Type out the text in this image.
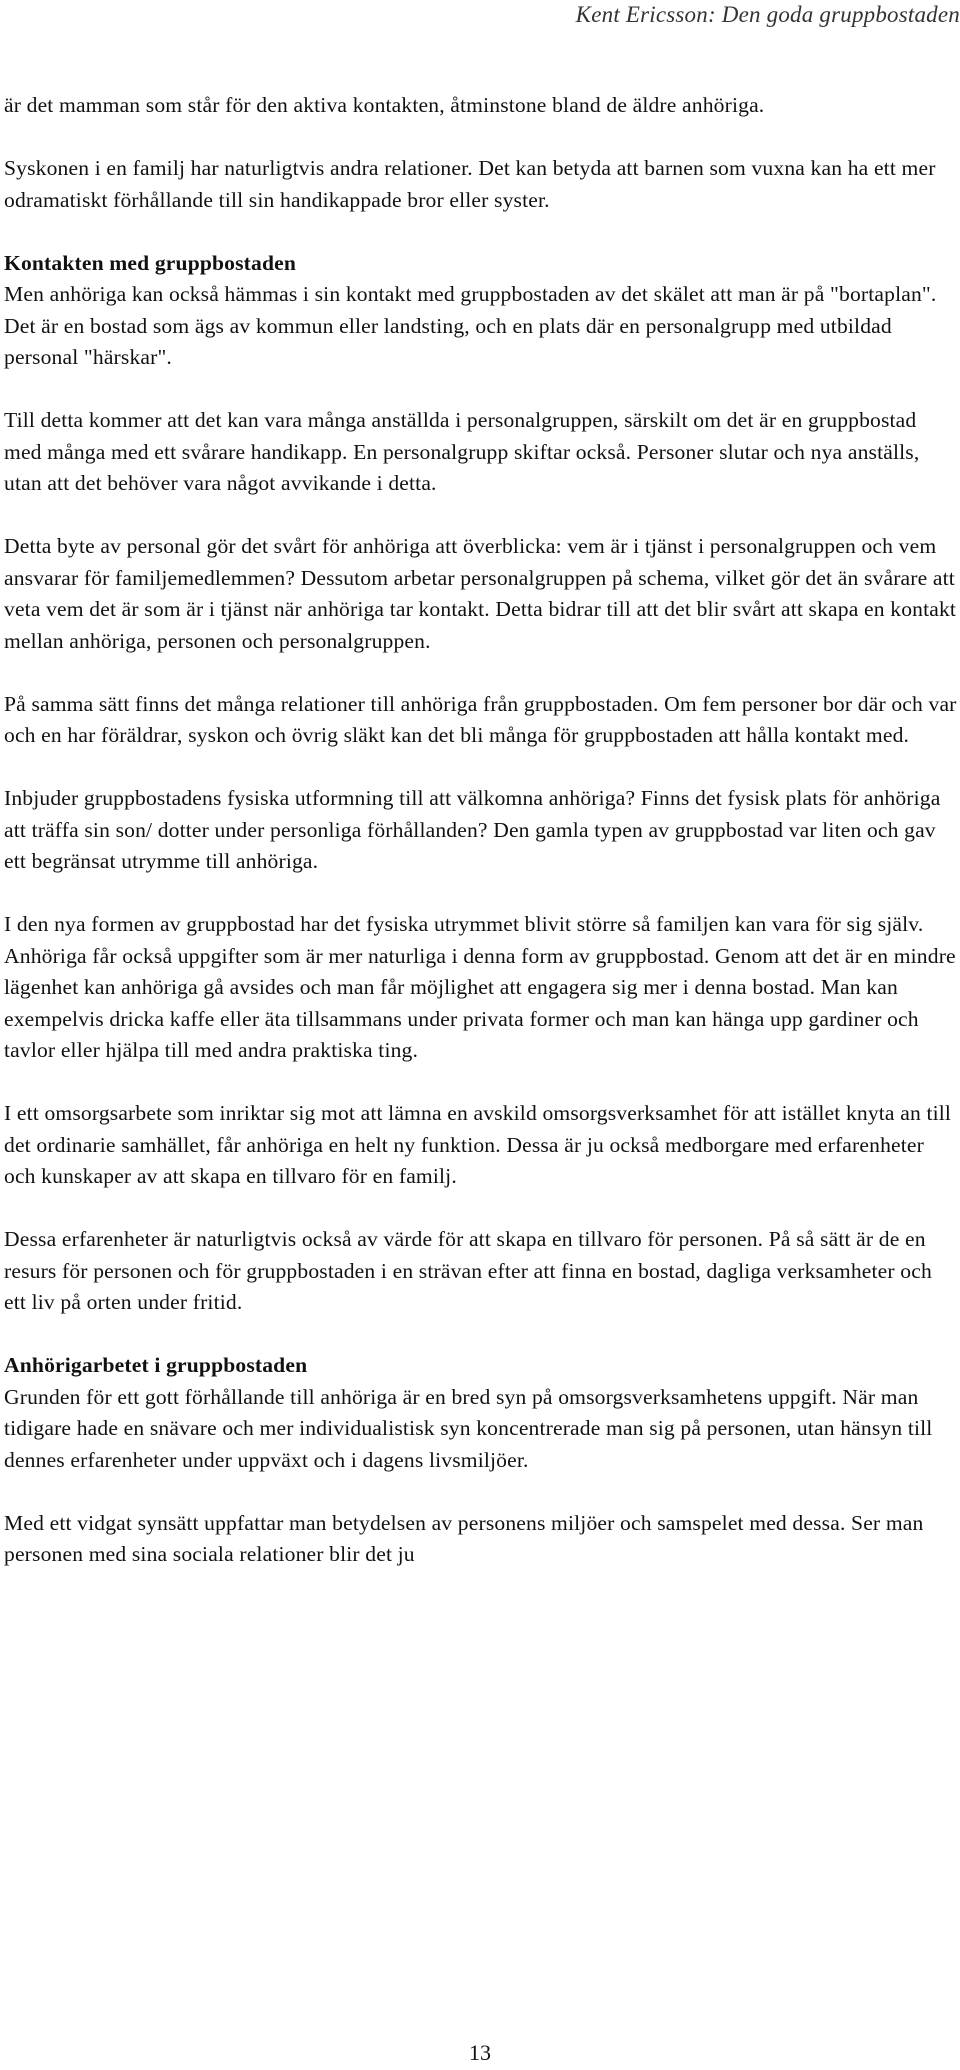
Kent Ericsson: Den goda gruppbostaden

är det mamman som står för den aktiva kontakten, åtminstone bland de äldre anhöriga.

Syskonen i en familj har naturligtvis andra relationer. Det kan betyda att barnen som vuxna kan ha ett mer odramatiskt förhållande till sin handikappade bror eller syster.

Kontakten med gruppbostaden
Men anhöriga kan också hämmas i sin kontakt med gruppbostaden av det skälet att man är på "bortaplan". Det är en bostad som ägs av kommun eller landsting, och en plats där en personalgrupp med utbildad personal "härskar".

Till detta kommer att det kan vara många anställda i personalgruppen, särskilt om det är en gruppbostad med många med ett svårare handikapp. En personalgrupp skiftar också. Personer slutar och nya anställs, utan att det behöver vara något avvikande i detta.

Detta byte av personal gör det svårt för anhöriga att överblicka: vem är i tjänst i personalgruppen och vem ansvarar för familjemedlemmen? Dessutom arbetar personalgruppen på schema, vilket gör det än svårare att veta vem det är som är i tjänst när anhöriga tar kontakt. Detta bidrar till att det blir svårt att skapa en kontakt mellan anhöriga, personen och personalgruppen.

På samma sätt finns det många relationer till anhöriga från gruppbostaden. Om fem personer bor där och var och en har föräldrar, syskon och övrig släkt kan det bli många för gruppbostaden att hålla kontakt med.

Inbjuder gruppbostadens fysiska utformning till att välkomna anhöriga? Finns det fysisk plats för anhöriga att träffa sin son/ dotter under personliga förhållanden? Den gamla typen av gruppbostad var liten och gav ett begränsat utrymme till anhöriga.

I den nya formen av gruppbostad har det fysiska utrymmet blivit större så familjen kan vara för sig själv. Anhöriga får också uppgifter som är mer naturliga i denna form av gruppbostad. Genom att det är en mindre lägenhet kan anhöriga gå avsides och man får möjlighet att engagera sig mer i denna bostad. Man kan exempelvis dricka kaffe eller äta tillsammans under privata former och man kan hänga upp gardiner och tavlor eller hjälpa till med andra praktiska ting.

I ett omsorgsarbete som inriktar sig mot att lämna en avskild omsorgsverksamhet för att istället knyta an till det ordinarie samhället, får anhöriga en helt ny funktion. Dessa är ju också medborgare med erfarenheter och kunskaper av att skapa en tillvaro för en familj.

Dessa erfarenheter är naturligtvis också av värde för att skapa en tillvaro för personen. På så sätt är de en resurs för personen och för gruppbostaden i en strävan efter att finna en bostad, dagliga verksamheter och ett liv på orten under fritid.

Anhörigarbetet i gruppbostaden
Grunden för ett gott förhållande till anhöriga är en bred syn på omsorgsverksamhetens uppgift. När man tidigare hade en snävare och mer individualistisk syn koncentrerade man sig på personen, utan hänsyn till dennes erfarenheter under uppväxt och i dagens livsmiljöer.

Med ett vidgat synsätt uppfattar man betydelsen av personens miljöer och samspelet med dessa. Ser man personen med sina sociala relationer blir det ju

13
